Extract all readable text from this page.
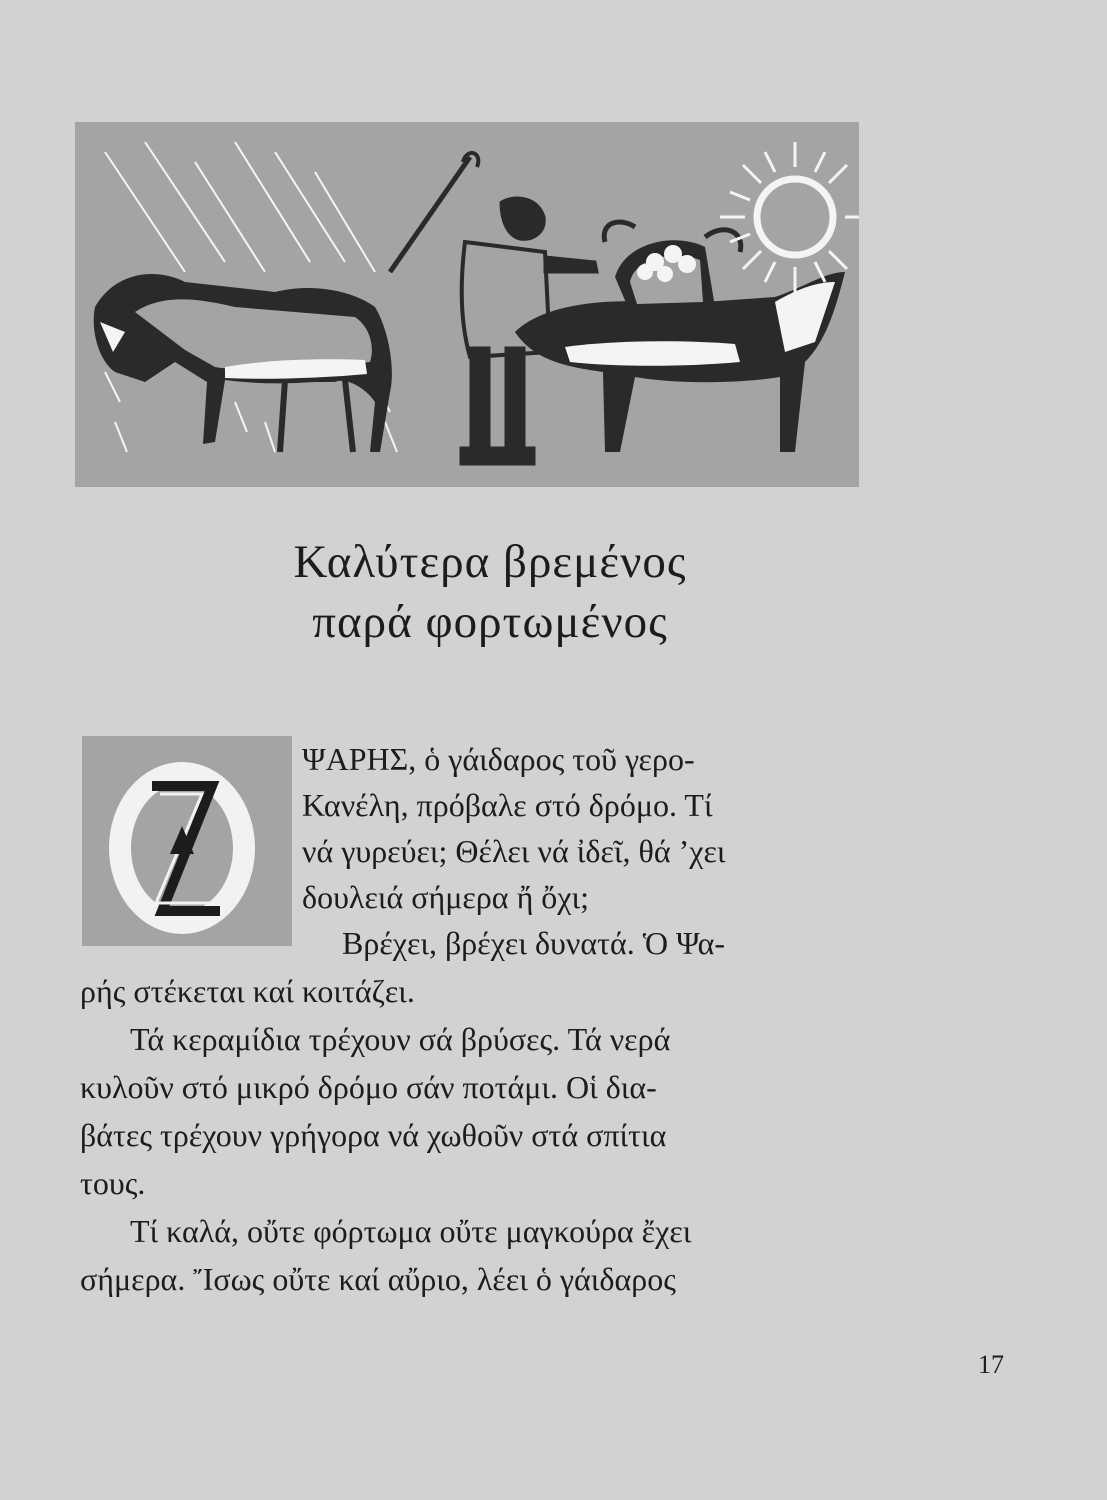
Καλύτερα βρεμένος
παρά φορτωμένος
Ο
ΨΑΡΗΣ, ὁ γάιδαρος τοῦ γερο-
Κανέλη, πρόβαλε στό δρόμο. Τί
νά γυρεύει; Θέλει νά ἰδεῖ, θά ’χει
δουλειά σήμερα ἤ ὄχι;
Βρέχει, βρέχει δυνατά. Ὁ Ψα-
ρής στέκεται καί κοιτάζει.
Τά κεραμίδια τρέχουν σά βρύσες. Τά νερά
κυλοῦν στό μικρό δρόμο σάν ποτάμι. Οἱ δια-
βάτες τρέχουν γρήγορα νά χωθοῦν στά σπίτια
τους.
Τί καλά, οὔτε φόρτωμα οὔτε μαγκούρα ἔχει
σήμερα. Ἴσως οὔτε καί αὔριο, λέει ὁ γάιδαρος
17
